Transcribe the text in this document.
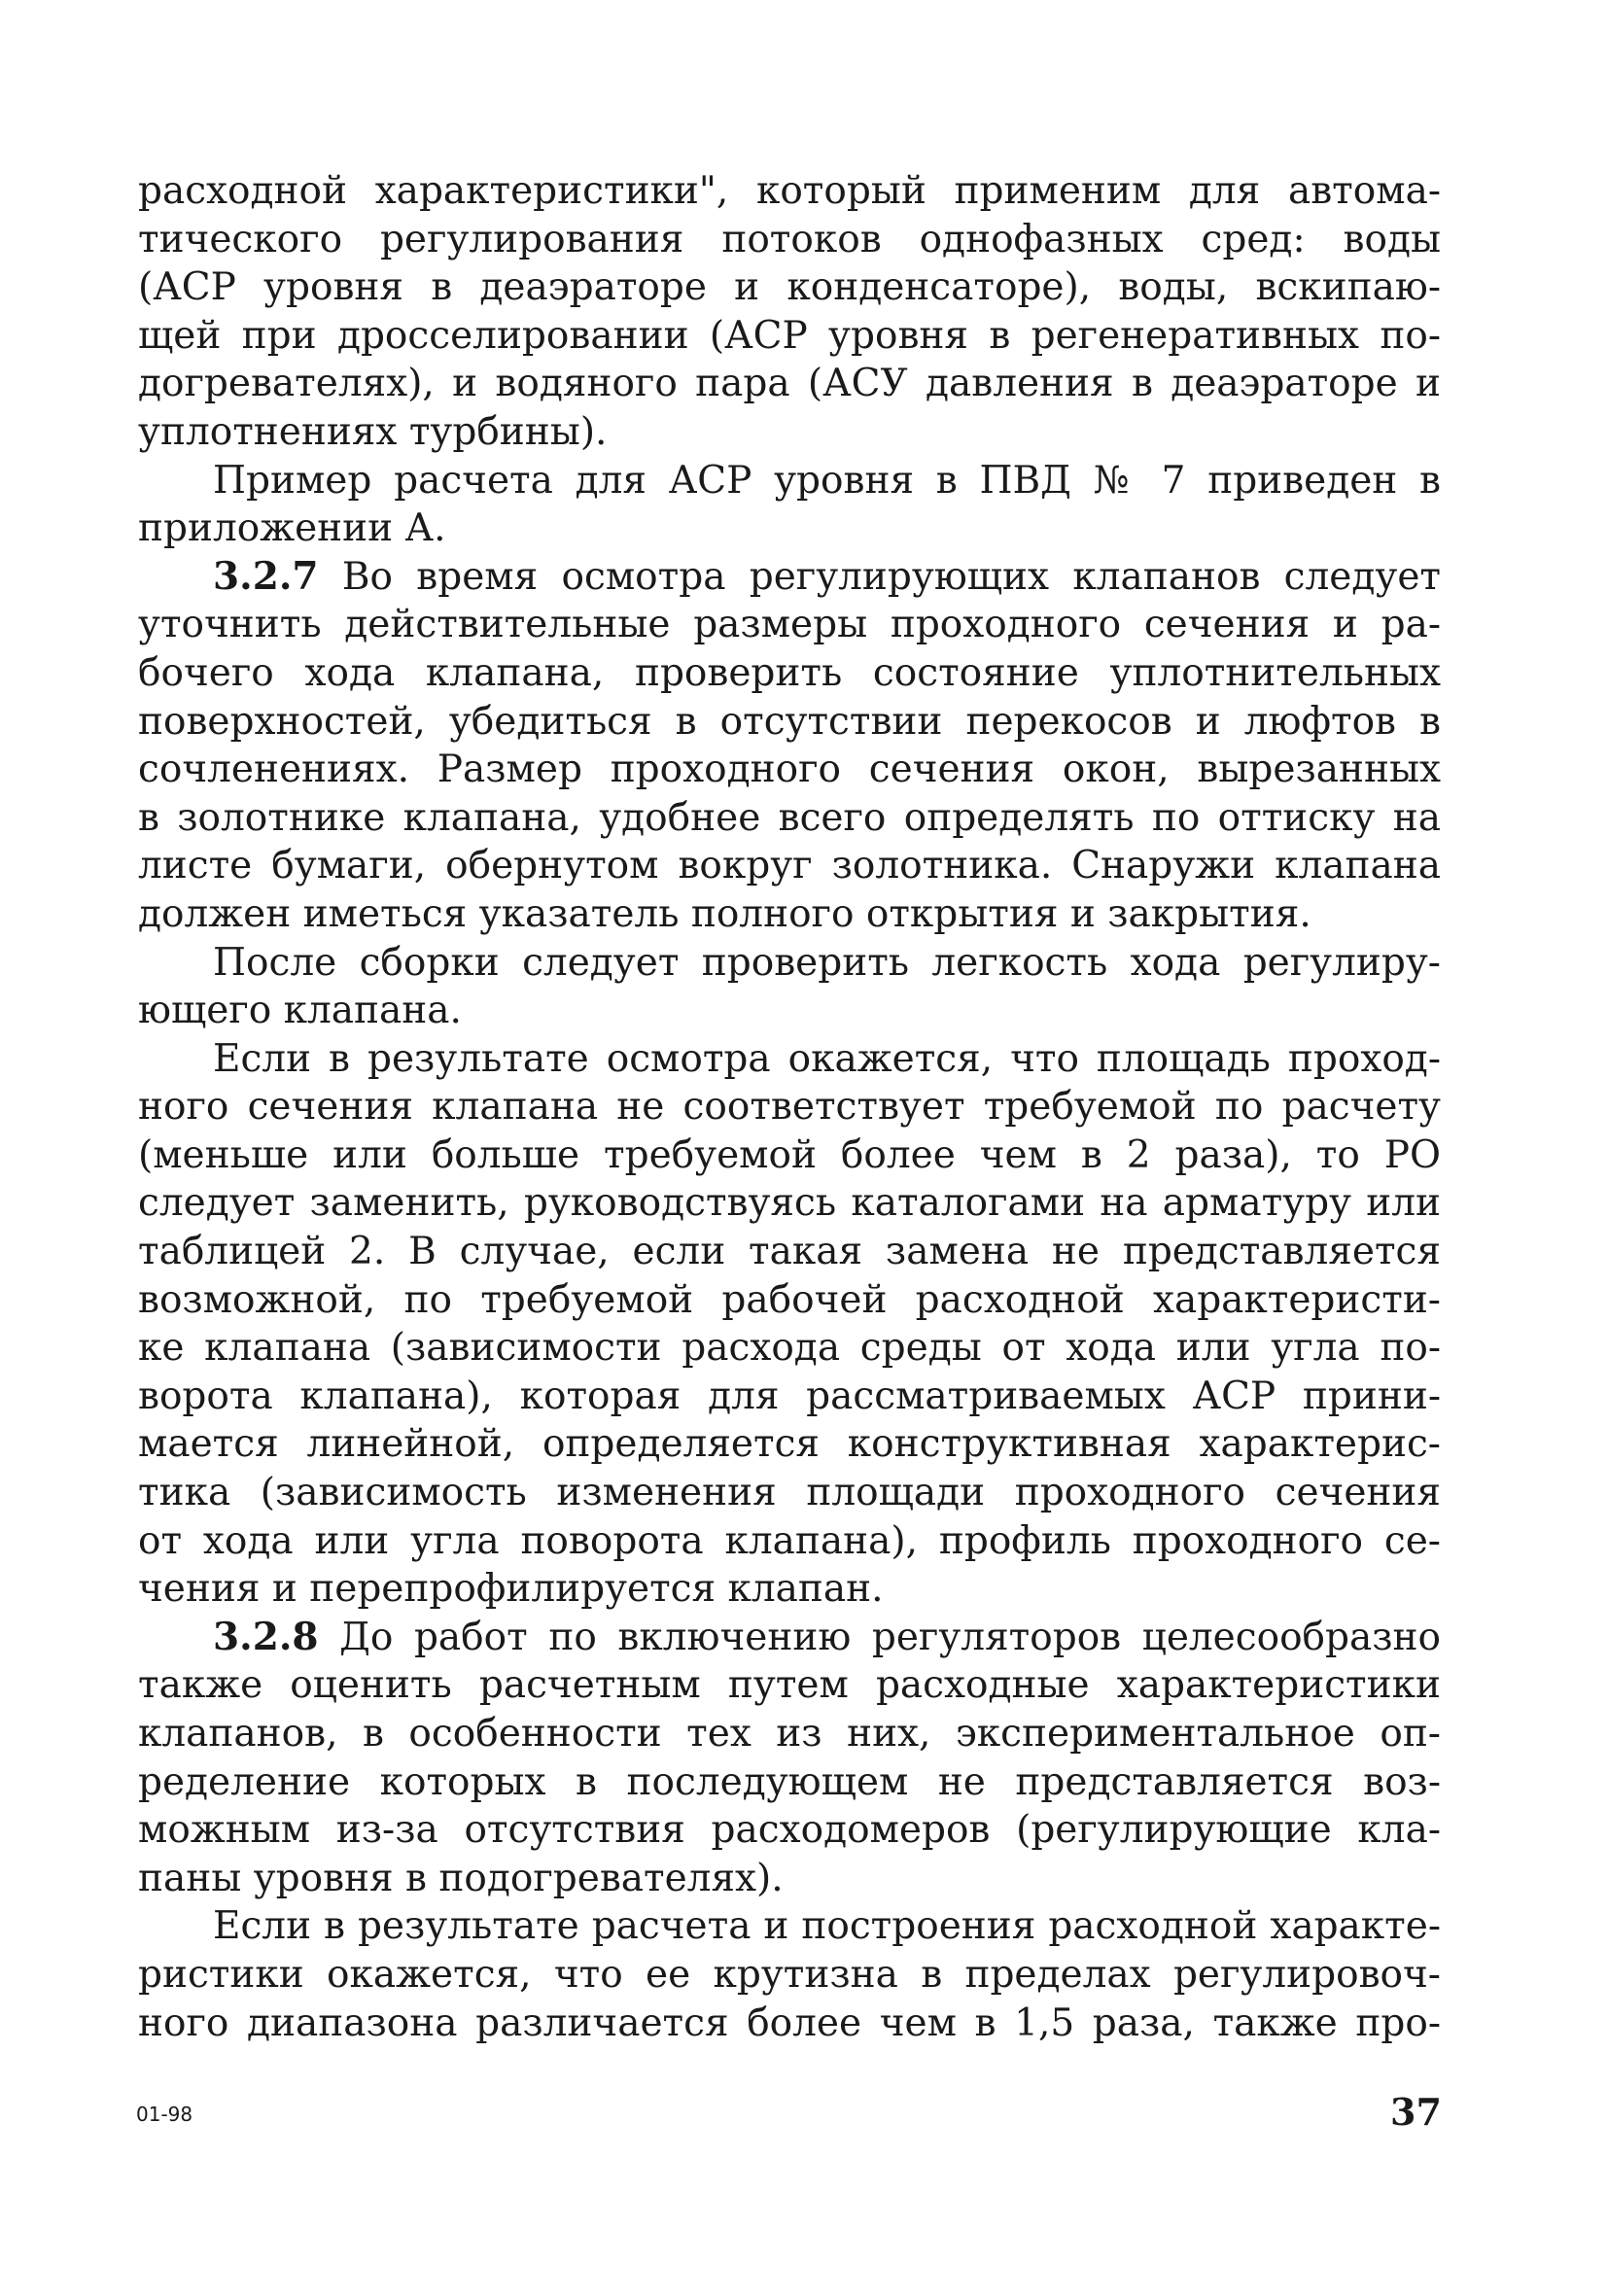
расходной характеристики", который применим для автома-
тического регулирования потоков однофазных сред: воды
(АСР уровня в деаэраторе и конденсаторе), воды, вскипаю-
щей при дросселировании (АСР уровня в регенеративных по-
догревателях), и водяного пара (АСУ давления в деаэраторе и
уплотнениях турбины).
Пример расчета для АСР уровня в ПВД № 7 приведен в
приложении А.
3.2.7 Во время осмотра регулирующих клапанов следует
уточнить действительные размеры проходного сечения и ра-
бочего хода клапана, проверить состояние уплотнительных
поверхностей, убедиться в отсутствии перекосов и люфтов в
сочленениях. Размер проходного сечения окон, вырезанных
в золотнике клапана, удобнее всего определять по оттиску на
листе бумаги, обернутом вокруг золотника. Снаружи клапана
должен иметься указатель полного открытия и закрытия.
После сборки следует проверить легкость хода регулиру-
ющего клапана.
Если в результате осмотра окажется, что площадь проход-
ного сечения клапана не соответствует требуемой по расчету
(меньше или больше требуемой более чем в 2 раза), то РО
следует заменить, руководствуясь каталогами на арматуру или
таблицей 2. В случае, если такая замена не представляется
возможной, по требуемой рабочей расходной характеристи-
ке клапана (зависимости расхода среды от хода или угла по-
ворота клапана), которая для рассматриваемых АСР прини-
мается линейной, определяется конструктивная характерис-
тика (зависимость изменения площади проходного сечения
от хода или угла поворота клапана), профиль проходного се-
чения и перепрофилируется клапан.
3.2.8 До работ по включению регуляторов целесообразно
также оценить расчетным путем расходные характеристики
клапанов, в особенности тех из них, экспериментальное оп-
ределение которых в последующем не представляется воз-
можным из-за отсутствия расходомеров (регулирующие кла-
паны уровня в подогревателях).
Если в результате расчета и построения расходной характе-
ристики окажется, что ее крутизна в пределах регулировоч-
ного диапазона различается более чем в 1,5 раза, также про-
01-98	37
